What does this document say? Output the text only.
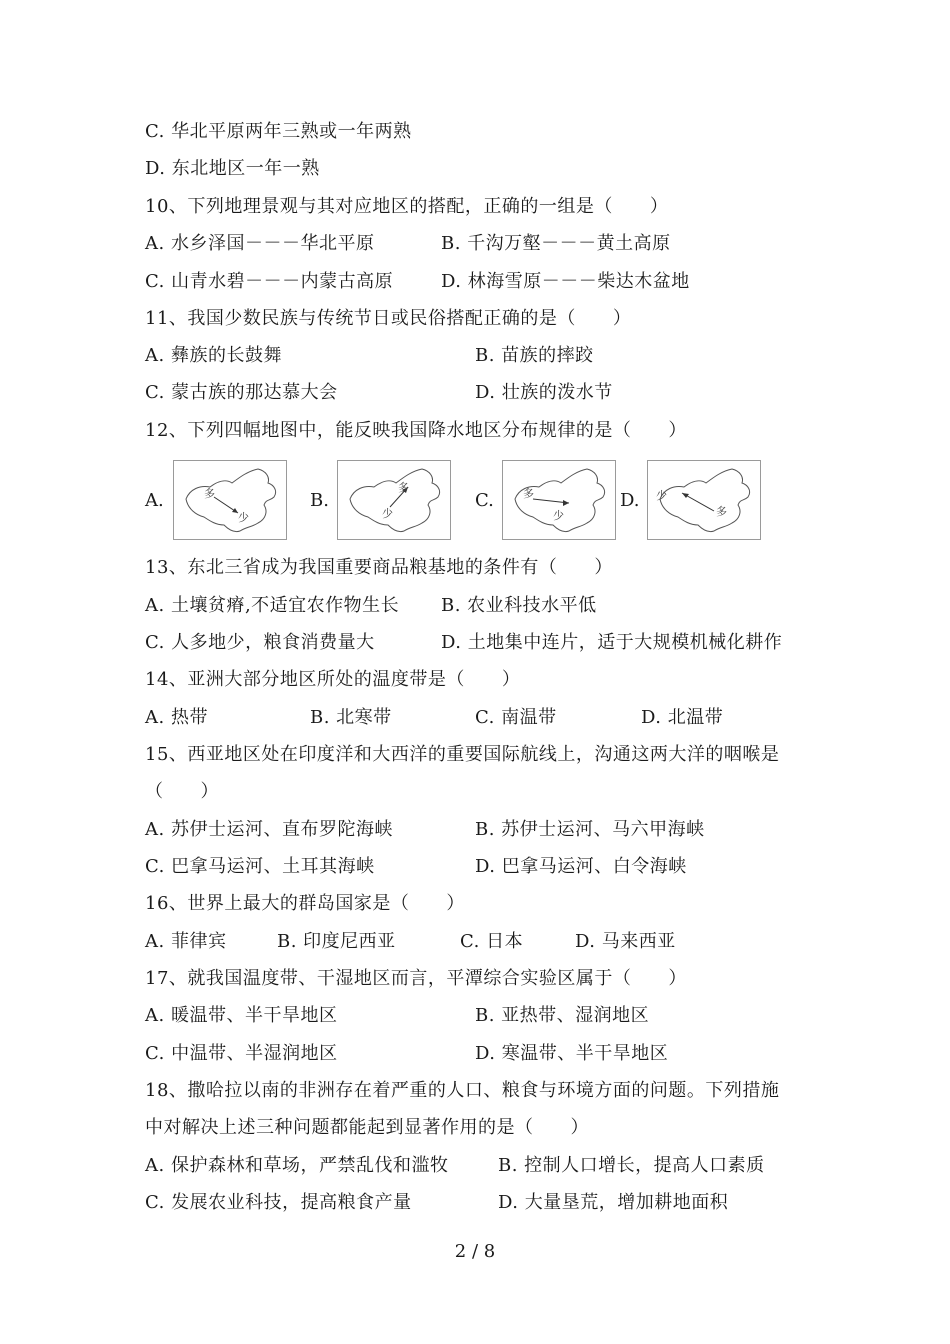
C. 华北平原两年三熟或一年两熟
D. 东北地区一年一熟
10、下列地理景观与其对应地区的搭配，正确的一组是（　　）
A. 水乡泽国－－－华北平原	B. 千沟万壑－－－黄土高原
C. 山青水碧－－－内蒙古高原	D. 林海雪原－－－柴达木盆地
11、我国少数民族与传统节日或民俗搭配正确的是（　　）
A. 彝族的长鼓舞	B. 苗族的摔跤
C. 蒙古族的那达慕大会	D. 壮族的泼水节
12、下列四幅地图中，能反映我国降水地区分布规律的是（　　）
A.	多
少
B.
多
少
C.	多
少
D. 少
多
13、东北三省成为我国重要商品粮基地的条件有（　　）
A. 土壤贫瘠,不适宜农作物生长 B. 农业科技水平低
C. 人多地少，粮食消费量大	D. 土地集中连片，适于大规模机械化耕作
14、亚洲大部分地区所处的温度带是（　　）
A. 热带	B. 北寒带	C. 南温带	D. 北温带
15、西亚地区处在印度洋和大西洋的重要国际航线上，沟通这两大洋的咽喉是
（　　）
A. 苏伊士运河、直布罗陀海峡	B. 苏伊士运河、马六甲海峡
C. 巴拿马运河、土耳其海峡	D. 巴拿马运河、白令海峡
16、世界上最大的群岛国家是（　　）
A. 菲律宾	B. 印度尼西亚	C. 日本	D. 马来西亚
17、就我国温度带、干湿地区而言，平潭综合实验区属于（　　）
A. 暖温带、半干旱地区	B. 亚热带、湿润地区
C. 中温带、半湿润地区	D. 寒温带、半干旱地区
18、撒哈拉以南的非洲存在着严重的人口、粮食与环境方面的问题。下列措施
中对解决上述三种问题都能起到显著作用的是（　　）
A. 保护森林和草场，严禁乱伐和滥牧	B. 控制人口增长，提高人口素质
C. 发展农业科技，提高粮食产量	D. 大量垦荒，增加耕地面积
2 / 8
